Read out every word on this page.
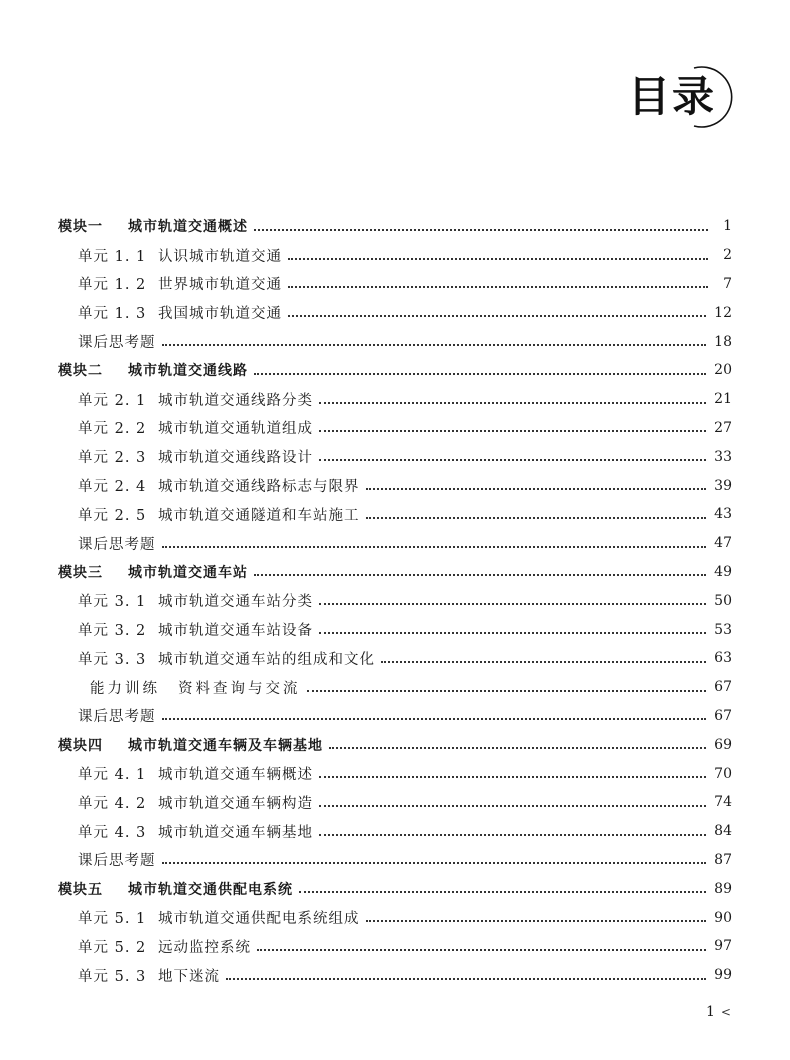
目录
模块一	城市轨道交通概述	1
单元 1. 1 认识城市轨道交通	2
单元 1. 2 世界城市轨道交通	7
单元 1. 3 我国城市轨道交通	12
课后思考题	18
模块二	城市轨道交通线路	20
单元 2. 1 城市轨道交通线路分类	21
单元 2. 2 城市轨道交通轨道组成	27
单元 2. 3 城市轨道交通线路设计	33
单元 2. 4 城市轨道交通线路标志与限界	39
单元 2. 5 城市轨道交通隧道和车站施工	43
课后思考题	47
模块三	城市轨道交通车站	49
单元 3. 1 城市轨道交通车站分类	50
单元 3. 2 城市轨道交通车站设备	53
单元 3. 3 城市轨道交通车站的组成和文化	63
能力训练	资料查询与交流	67
课后思考题	67
模块四	城市轨道交通车辆及车辆基地	69
单元 4. 1 城市轨道交通车辆概述	70
单元 4. 2 城市轨道交通车辆构造	74
单元 4. 3 城市轨道交通车辆基地	84
课后思考题	87
模块五	城市轨道交通供配电系统	89
单元 5. 1 城市轨道交通供配电系统组成	90
单元 5. 2 远动监控系统	97
单元 5. 3 地下迷流	99
1 <
